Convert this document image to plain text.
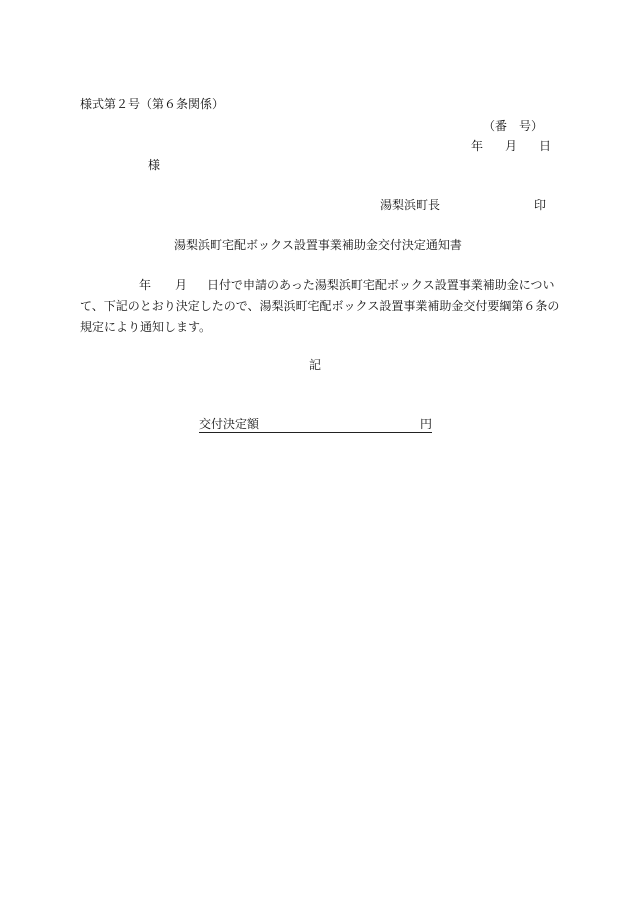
様式第２号（第６条関係）

（番　号）

年 月 日

様

湯梨浜町長	印

湯梨浜町宅配ボックス設置事業補助金交付決定通知書

年 月 日付で申請のあった湯梨浜町宅配ボックス設置事業補助金につい
て、下記のとおり決定したので、湯梨浜町宅配ボックス設置事業補助金交付要綱第６条の
規定により通知します。

記

交付決定額	円
